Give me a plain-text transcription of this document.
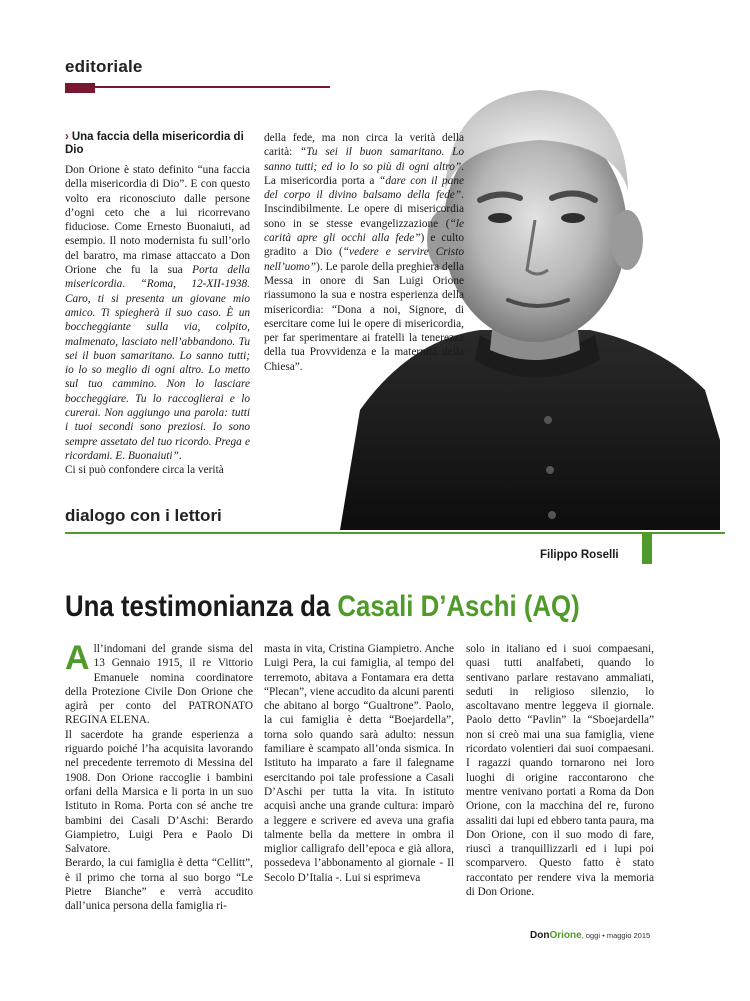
editoriale
› Una faccia della misericordia di Dio

Don Orione è stato definito “una faccia della misericordia di Dio”. E con questo volto era riconosciuto dalle persone d’ogni ceto che a lui ricorrevano fiduciose. Come Ernesto Buonaiuti, ad esempio. Il noto modernista fu sull’orlo del baratro, ma rimase attaccato a Don Orione che fu la sua Porta della misericordia. “Roma, 12-XII-1938. Caro, ti si presenta un giovane mio amico. Ti spiegherà il suo caso. È un boccheggiante sulla via, colpito, malmenato, lasciato nell’abbandono. Tu sei il buon samaritano. Lo sanno tutti; io lo so meglio di ogni altro. Lo metto sul tuo cammino. Non lo lasciare boccheggiare. Tu lo raccoglierai e lo curerai. Non aggiungo una parola: tutti i tuoi secondi sono preziosi. Io sono sempre assetato del tuo ricordo. Prega e ricordami. E. Buonaiuti”.

Ci si può confondere circa la verità

della fede, ma non circa la verità della carità: “Tu sei il buon samaritano. Lo sanno tutti; ed io lo so più di ogni altro”. La misericordia porta a “dare con il pane del corpo il divino balsamo della fede”. Inscindibilmente. Le opere di misericordia sono in se stesse evangelizzazione (“le carità apre gli occhi alla fede”) e culto gradito a Dio (“vedere e servire Cristo nell’uomo”). Le parole della preghiera della Messa in onore di San Luigi Orione riassumono la sua e nostra esperienza della misericordia: “Dona a noi, Signore, di esercitare come lui le opere di misericordia, per far sperimentare ai fratelli la tenerezza della tua Provvidenza e la maternità della Chiesa”.

dialogo con i lettori
Filippo Roselli
Una testimonianza da Casali D’Aschi (AQ)

All’indomani del grande sisma del 13 Gennaio 1915, il re Vittorio Emanuele nomina coordinatore della Protezione Civile Don Orione che agirà per conto del PATRONATO REGINA ELENA.

Il sacerdote ha grande esperienza a riguardo poiché l’ha acquisita lavorando nel precedente terremoto di Messina del 1908. Don Orione raccoglie i bambini orfani della Marsica e li porta in un suo Istituto in Roma. Porta con sé anche tre bambini dei Casali D’Aschi: Berardo Giampietro, Luigi Pera e Paolo Di Salvatore.

Berardo, la cui famiglia è detta “Cellitt”, è il primo che torna al suo borgo “Le Pietre Bianche” e verrà accudito dall’unica persona della famiglia ri-

masta in vita, Cristina Giampietro. Anche Luigi Pera, la cui famiglia, al tempo del terremoto, abitava a Fontamara era detta “Plecan”, viene accudito da alcuni parenti che abitano al borgo “Gualtrone”. Paolo, la cui famiglia è detta “Boejardella”, torna solo quando sarà adulto: nessun familiare è scampato all’onda sismica. In Istituto ha imparato a fare il falegname esercitando poi tale professione a Casali D’Aschi per tutta la vita. In istituto acquisì anche una grande cultura: imparò a leggere e scrivere ed aveva una grafia talmente bella da mettere in ombra il miglior calligrafo dell’epoca e già allora, possedeva l’abbonamento al giornale - Il Secolo D’Italia -. Lui si esprimeva

solo in italiano ed i suoi compaesani, quasi tutti analfabeti, quando lo sentivano parlare restavano ammaliati, seduti in religioso silenzio, lo ascoltavano mentre leggeva il giornale. Paolo detto “Pavlin” la “Sboejardella” non si creò mai una sua famiglia, viene ricordato volentieri dai suoi compaesani. I ragazzi quando tornarono nei loro luoghi di origine raccontarono che mentre venivano portati a Roma da Don Orione, con la macchina del re, furono assaliti dai lupi ed ebbero tanta paura, ma Don Orione, con il suo modo di fare, riuscì a tranquillizzarli ed i lupi poi scomparvero. Questo fatto è stato raccontato per rendere viva la memoria di Don Orione.

DonOrione, oggi • maggio 2015
